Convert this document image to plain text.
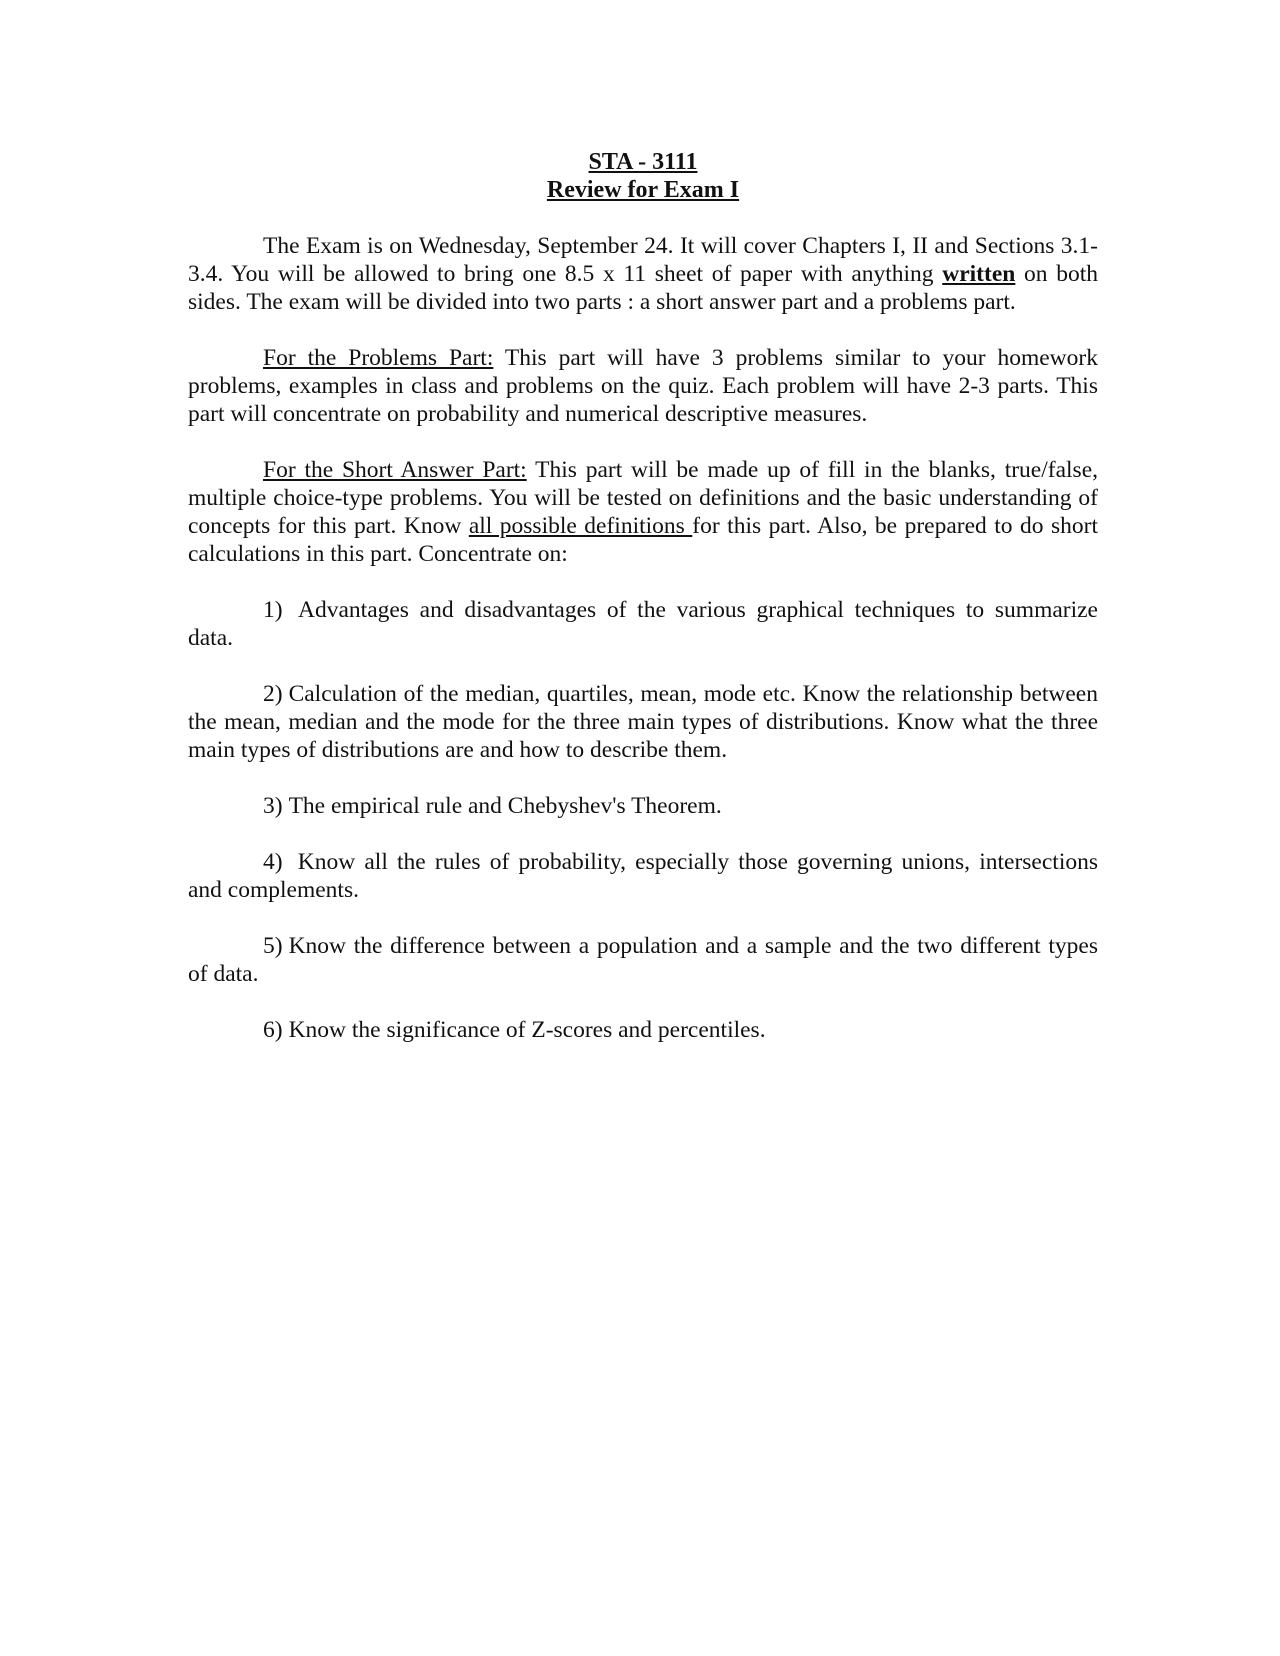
STA - 3111
Review for Exam I

The Exam is on Wednesday, September 24. It will cover Chapters I, II and Sections 3.1-3.4. You will be allowed to bring one 8.5 x 11 sheet of paper with anything written on both sides. The exam will be divided into two parts : a short answer part and a problems part.

For the Problems Part: This part will have 3 problems similar to your homework problems, examples in class and problems on the quiz. Each problem will have 2-3 parts. This part will concentrate on probability and numerical descriptive measures.

For the Short Answer Part: This part will be made up of fill in the blanks, true/false, multiple choice-type problems. You will be tested on definitions and the basic understanding of concepts for this part. Know all possible definitions for this part. Also, be prepared to do short calculations in this part. Concentrate on:

1) Advantages and disadvantages of the various graphical techniques to summarize data.

2) Calculation of the median, quartiles, mean, mode etc. Know the relationship between the mean, median and the mode for the three main types of distributions. Know what the three main types of distributions are and how to describe them.

3) The empirical rule and Chebyshev's Theorem.

4) Know all the rules of probability, especially those governing unions, intersections and complements.

5) Know the difference between a population and a sample and the two different types of data.

6) Know the significance of Z-scores and percentiles.
